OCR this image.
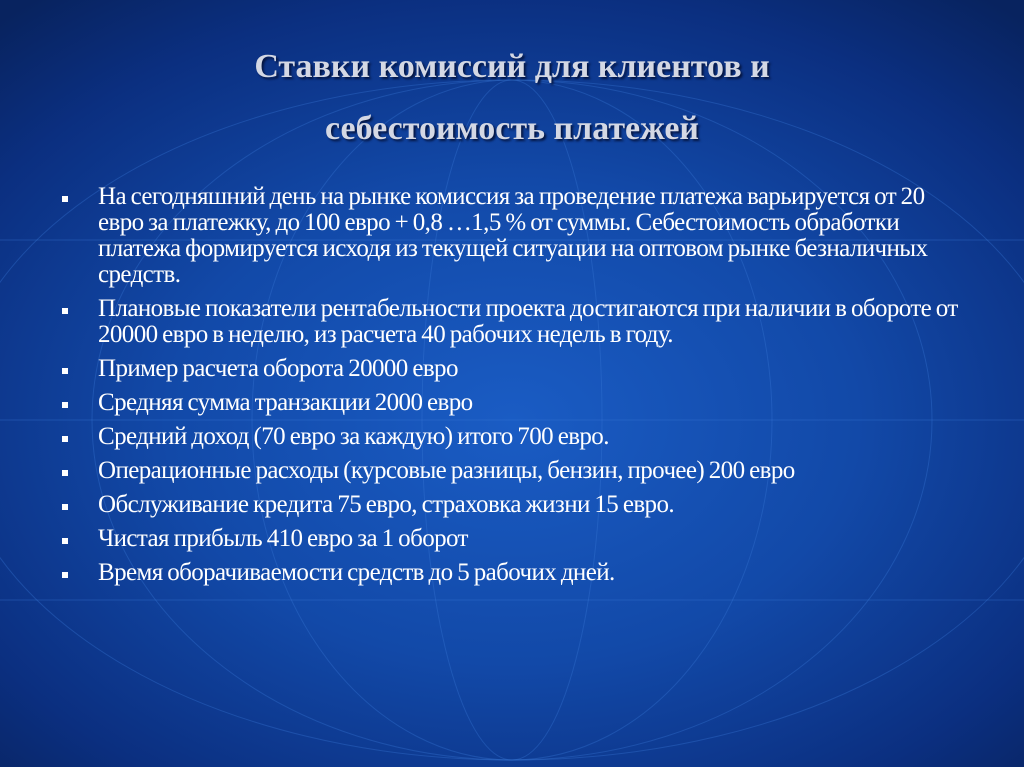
Ставки комиссий для клиентов и
себестоимость платежей
На сегодняшний день на рынке комиссия за проведение платежа варьируется от 20 евро за платежку, до 100 евро + 0,8 …1,5 % от суммы. Себестоимость обработки платежа формируется исходя из текущей ситуации на оптовом рынке безналичных средств.
Плановые показатели рентабельности проекта достигаются при наличии в обороте от 20000 евро в неделю, из расчета 40 рабочих недель в году.
Пример расчета оборота 20000 евро
Средняя сумма транзакции 2000 евро
Средний доход (70 евро за каждую) итого 700 евро.
Операционные расходы (курсовые разницы, бензин, прочее) 200 евро
Обслуживание кредита 75 евро, страховка жизни 15 евро.
Чистая прибыль 410 евро за 1 оборот
Время оборачиваемости средств до 5 рабочих дней.
